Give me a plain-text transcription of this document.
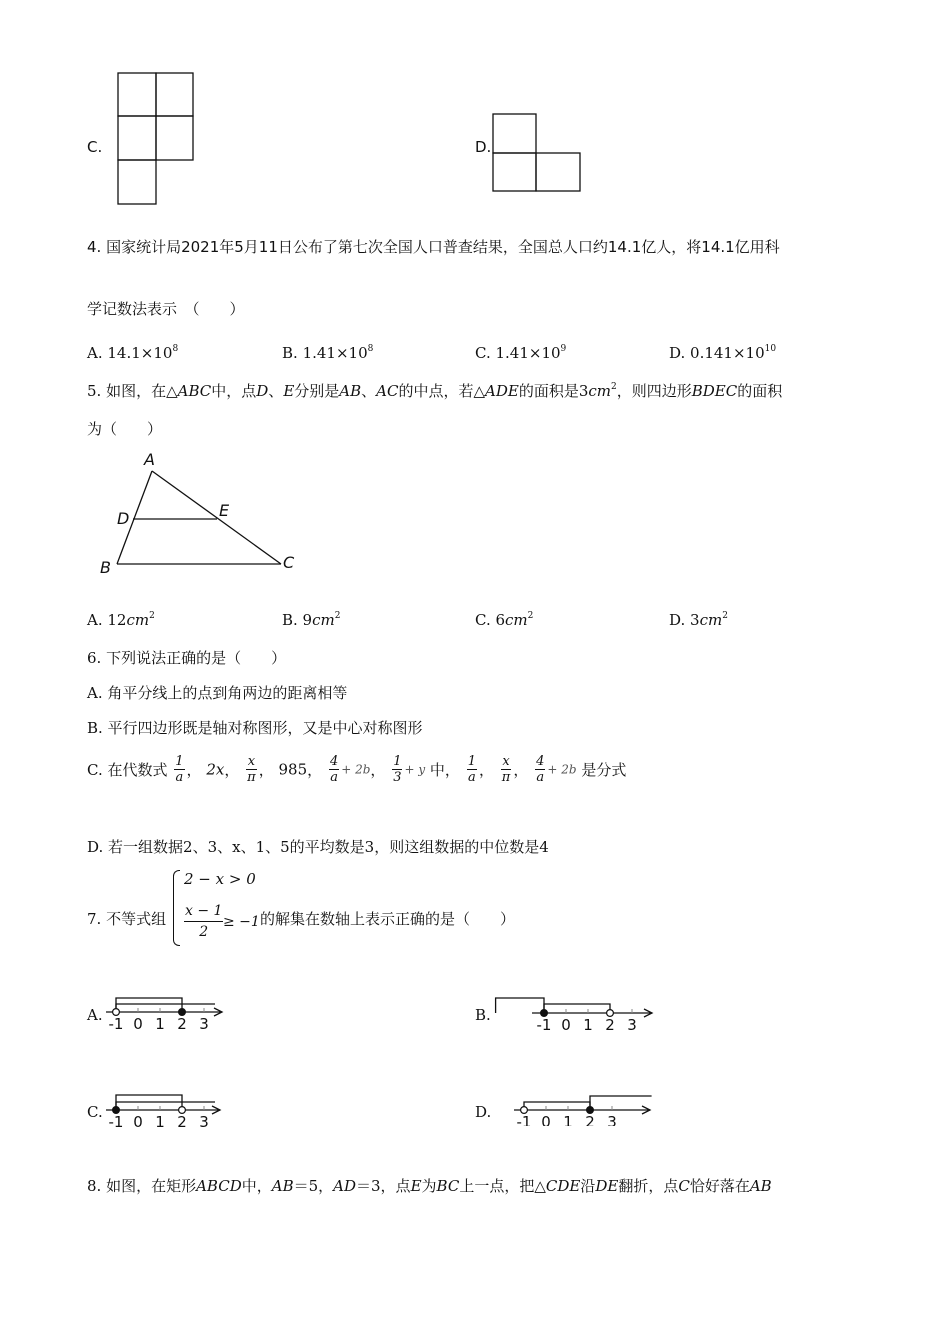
C.	D.
4. 国家统计局2021年5月11日公布了第七次全国人口普查结果，全国总人口约14.1亿人，将14.1亿用科
学记数法表示　（　　）
A. $14.1\times 10^8$	B. $1.41\times 10^8$	C. $1.41\times 10^9$	D. $0.141\times 10^{10}$
5. 如图，在△ABC中，点D、E分别是AB、AC的中点，若△ADE的面积是$3cm^2$，则四边形BDEC的面积
为（　　）
A
D	E
B	C
A. $12cm^2$	B. $9cm^2$	C. $6cm^2$	D. $3cm^2$
6. 下列说法正确的是（　　）
A. 角平分线上的点到角两边的距离相等
B. 平行四边形既是轴对称图形，又是中心对称图形
C. 在代数式 $\frac{1}{a}$ ， 2x， $\frac{x}{\pi}$ ， 985， $\frac{4}{a} + 2b$， $\frac{1}{3} + y$ 中， $\frac{1}{a}$ ， $\frac{x}{\pi}$ ， $\frac{4}{a} + 2b$ 是分式
D. 若一组数据2、3、x、1、5的平均数是3，则这组数据的中位数是4
7. 不等式组
2 − x > 0
$\frac{x - 1}{2} \ge -1$ 的解集在数轴上表示正确的是（　　）
A. -1 0 1 2 3	B.
-1 0 1 2 3
C.
-1 0 1 2 3
D.
-1 0 1 2 3
8. 如图，在矩形ABCD中，AB＝5，AD＝3，点E为BC上一点，把△CDE沿DE翻折，点C恰好落在AB
